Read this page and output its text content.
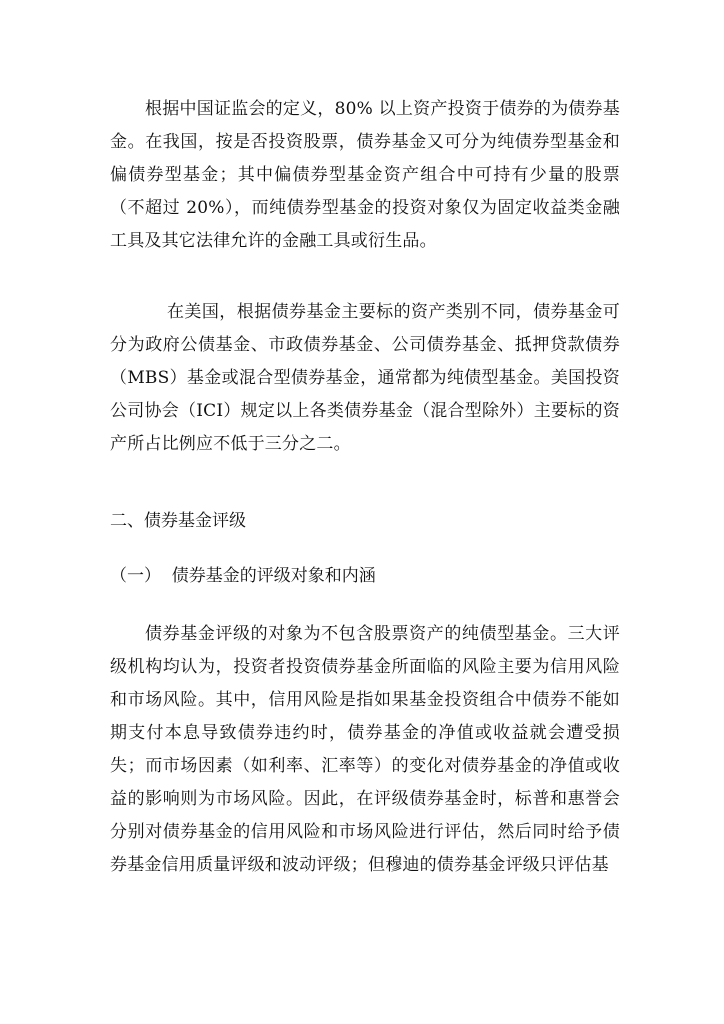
根据中国证监会的定义，80% 以上资产投资于债券的为债券基金。在我国，按是否投资股票，债券基金又可分为纯债券型基金和偏债券型基金；其中偏债券型基金资产组合中可持有少量的股票（不超过 20%），而纯债券型基金的投资对象仅为固定收益类金融工具及其它法律允许的金融工具或衍生品。

在美国，根据债券基金主要标的资产类别不同，债券基金可分为政府公债基金、市政债券基金、公司债券基金、抵押贷款债券（MBS）基金或混合型债券基金，通常都为纯债型基金。美国投资公司协会（ICI）规定以上各类债券基金（混合型除外）主要标的资产所占比例应不低于三分之二。

二、债券基金评级

（一）  债券基金的评级对象和内涵

债券基金评级的对象为不包含股票资产的纯债型基金。三大评级机构均认为，投资者投资债券基金所面临的风险主要为信用风险和市场风险。其中，信用风险是指如果基金投资组合中债券不能如期支付本息导致债券违约时，债券基金的净值或收益就会遭受损失；而市场因素（如利率、汇率等）的变化对债券基金的净值或收益的影响则为市场风险。因此，在评级债券基金时，标普和惠誉会分别对债券基金的信用风险和市场风险进行评估，然后同时给予债券基金信用质量评级和波动评级；但穆迪的债券基金评级只评估基
